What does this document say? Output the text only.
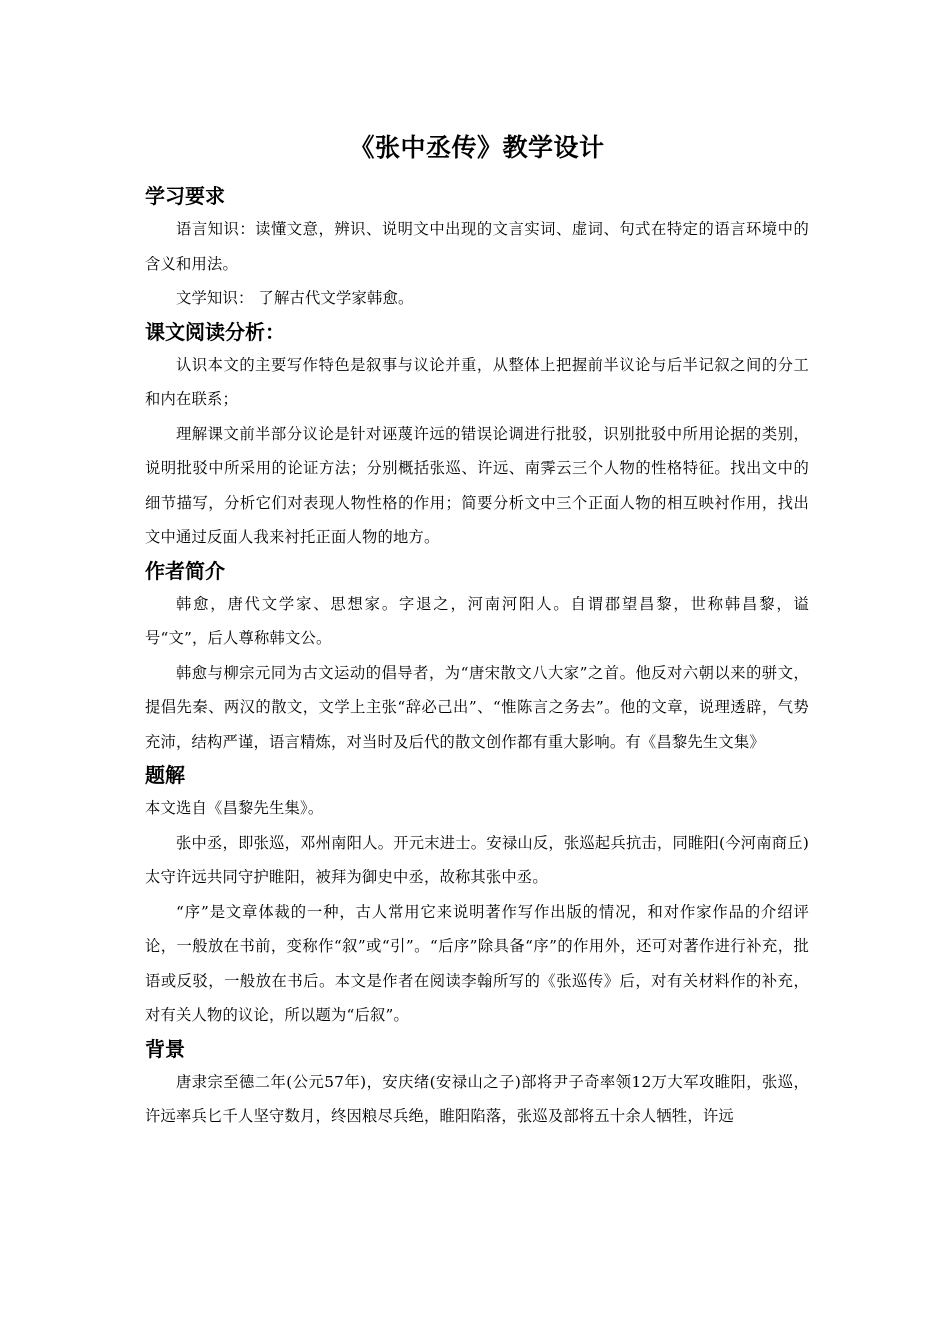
《张中丞传》教学设计
学习要求

语言知识：读懂文意，辨识、说明文中出现的文言实词、虚词、句式在特定的语言环境中的含义和用法。

文学知识： 了解古代文学家韩愈。

课文阅读分析：

认识本文的主要写作特色是叙事与议论并重，从整体上把握前半议论与后半记叙之间的分工和内在联系；

理解课文前半部分议论是针对诬蔑许远的错误论调进行批驳，识别批驳中所用论据的类别，说明批驳中所采用的论证方法；分别概括张巡、许远、南霁云三个人物的性格特征。找出文中的细节描写，分析它们对表现人物性格的作用；简要分析文中三个正面人物的相互映衬作用，找出文中通过反面人我来衬托正面人物的地方。

作者简介

韩愈，唐代文学家、思想家。字退之，河南河阳人。自谓郡望昌黎，世称韩昌黎，谥号“文”，后人尊称韩文公。

韩愈与柳宗元同为古文运动的倡导者，为“唐宋散文八大家”之首。他反对六朝以来的骈文，提倡先秦、两汉的散文，文学上主张“辞必己出”、“惟陈言之务去”。他的文章，说理透辟，气势充沛，结构严谨，语言精炼，对当时及后代的散文创作都有重大影响。有《昌黎先生文集》

题解

本文选自《昌黎先生集》。

张中丞，即张巡，邓州南阳人。开元末进士。安禄山反，张巡起兵抗击，同睢阳(今河南商丘)太守许远共同守护睢阳，被拜为御史中丞，故称其张中丞。

“序”是文章体裁的一种，古人常用它来说明著作写作出版的情况，和对作家作品的介绍评论，一般放在书前，变称作“叙”或“引”。“后序”除具备“序”的作用外，还可对著作进行补充，批语或反驳，一般放在书后。本文是作者在阅读李翰所写的《张巡传》后，对有关材料作的补充，对有关人物的议论，所以题为“后叙”。

背景

唐隶宗至德二年(公元57年)，安庆绪(安禄山之子)部将尹子奇率领12万大军攻睢阳，张巡，许远率兵匕千人坚守数月，终因粮尽兵绝，睢阳陷落，张巡及部将五十余人牺牲，许远
